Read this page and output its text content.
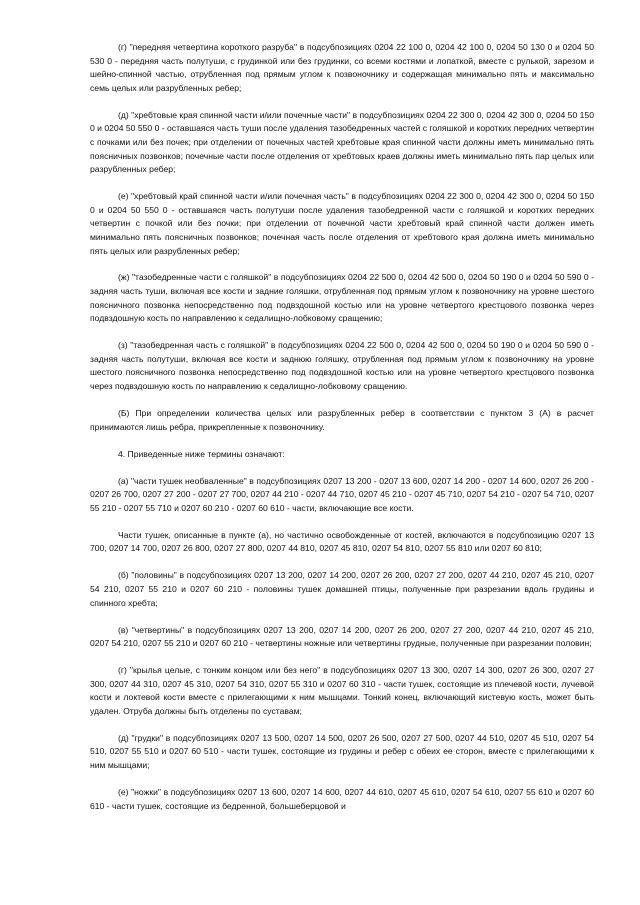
(г) "передняя четвертина короткого разруба" в подсубпозициях 0204 22 100 0, 0204 42 100 0, 0204 50 130 0 и 0204 50 530 0 - передняя часть полутуши, с грудинкой или без грудинки, со всеми костями и лопаткой, вместе с рулькой, зарезом и шейно-спинной частью, отрубленная под прямым углом к позвоночнику и содержащая минимально пять и максимально семь целых или разрубленных ребер;

(д) "хребтовые края спинной части и/или почечные части" в подсубпозициях 0204 22 300 0, 0204 42 300 0, 0204 50 150 0 и 0204 50 550 0 - оставшаяся часть туши после удаления тазобедренных частей с голяшкой и коротких передних четвертин с почками или без почек; при отделении от почечных частей хребтовые края спинной части должны иметь минимально пять поясничных позвонков; почечные части после отделения от хребтовых краев должны иметь минимально пять пар целых или разрубленных ребер;

(е) "хребтовый край спинной части и/или почечная часть" в подсубпозициях 0204 22 300 0, 0204 42 300 0, 0204 50 150 0 и 0204 50 550 0 - оставшаяся часть полутуши после удаления тазобедренной части с голяшкой и коротких передних четвертин с почкой или без почки; при отделении от почечной части хребтовый край спинной части должен иметь минимально пять поясничных позвонков; почечная часть после отделения от хребтового края должна иметь минимально пять целых или разрубленных ребер;

(ж) "тазобедренные части с голяшкой" в подсубпозициях 0204 22 500 0, 0204 42 500 0, 0204 50 190 0 и 0204 50 590 0 - задняя часть туши, включая все кости и задние голяшки, отрубленная под прямым углом к позвоночнику на уровне шестого поясничного позвонка непосредственно под подвздошной костью или на уровне четвертого крестцового позвонка через подвздошную кость по направлению к седалищно-лобковому сращению;

(з) "тазобедренная часть с голяшкой" в подсубпозициях 0204 22 500 0, 0204 42 500 0, 0204 50 190 0 и 0204 50 590 0 - задняя часть полутуши, включая все кости и заднюю голяшку, отрубленная под прямым углом к позвоночнику на уровне шестого поясничного позвонка непосредственно под подвздошной костью или на уровне четвертого крестцового позвонка через подвздошную кость по направлению к седалищно-лобковому сращению.

(Б) При определении количества целых или разрубленных ребер в соответствии с пунктом 3 (А) в расчет принимаются лишь ребра, прикрепленные к позвоночнику.

4. Приведенные ниже термины означают:

(а) "части тушек необваленные" в подсубпозициях 0207 13 200 - 0207 13 600, 0207 14 200 - 0207 14 600, 0207 26 200 - 0207 26 700, 0207 27 200 - 0207 27 700, 0207 44 210 - 0207 44 710, 0207 45 210 - 0207 45 710, 0207 54 210 - 0207 54 710, 0207 55 210 - 0207 55 710 и 0207 60 210 - 0207 60 610 - части, включающие все кости.

Части тушек, описанные в пункте (а), но частично освобожденные от костей, включаются в подсубпозицию 0207 13 700, 0207 14 700, 0207 26 800, 0207 27 800, 0207 44 810, 0207 45 810, 0207 54 810, 0207 55 810 или 0207 60 810;

(б) "половины" в подсубпозициях 0207 13 200, 0207 14 200, 0207 26 200, 0207 27 200, 0207 44 210, 0207 45 210, 0207 54 210, 0207 55 210 и 0207 60 210 - половины тушек домашней птицы, полученные при разрезании вдоль грудины и спинного хребта;

(в) "четвертины" в подсубпозициях 0207 13 200, 0207 14 200, 0207 26 200, 0207 27 200, 0207 44 210, 0207 45 210, 0207 54 210, 0207 55 210 и 0207 60 210 - четвертины ножные или четвертины грудные, полученные при разрезании половин;

(г) "крылья целые, с тонким концом или без него" в подсубпозициях 0207 13 300, 0207 14 300, 0207 26 300, 0207 27 300, 0207 44 310, 0207 45 310, 0207 54 310, 0207 55 310 и 0207 60 310 - части тушек, состоящие из плечевой кости, лучевой кости и локтевой кости вместе с прилегающими к ним мышцами. Тонкий конец, включающий кистевую кость, может быть удален. Отруба должны быть отделены по суставам;

(д) "грудки" в подсубпозициях 0207 13 500, 0207 14 500, 0207 26 500, 0207 27 500, 0207 44 510, 0207 45 510, 0207 54 510, 0207 55 510 и 0207 60 510 - части тушек, состоящие из грудины и ребер с обеих ее сторон, вместе с прилегающими к ним мышцами;

(е) "ножки" в подсубпозициях 0207 13 600, 0207 14 600, 0207 44 610, 0207 45 610, 0207 54 610, 0207 55 610 и 0207 60 610 - части тушек, состоящие из бедренной, большеберцовой и
